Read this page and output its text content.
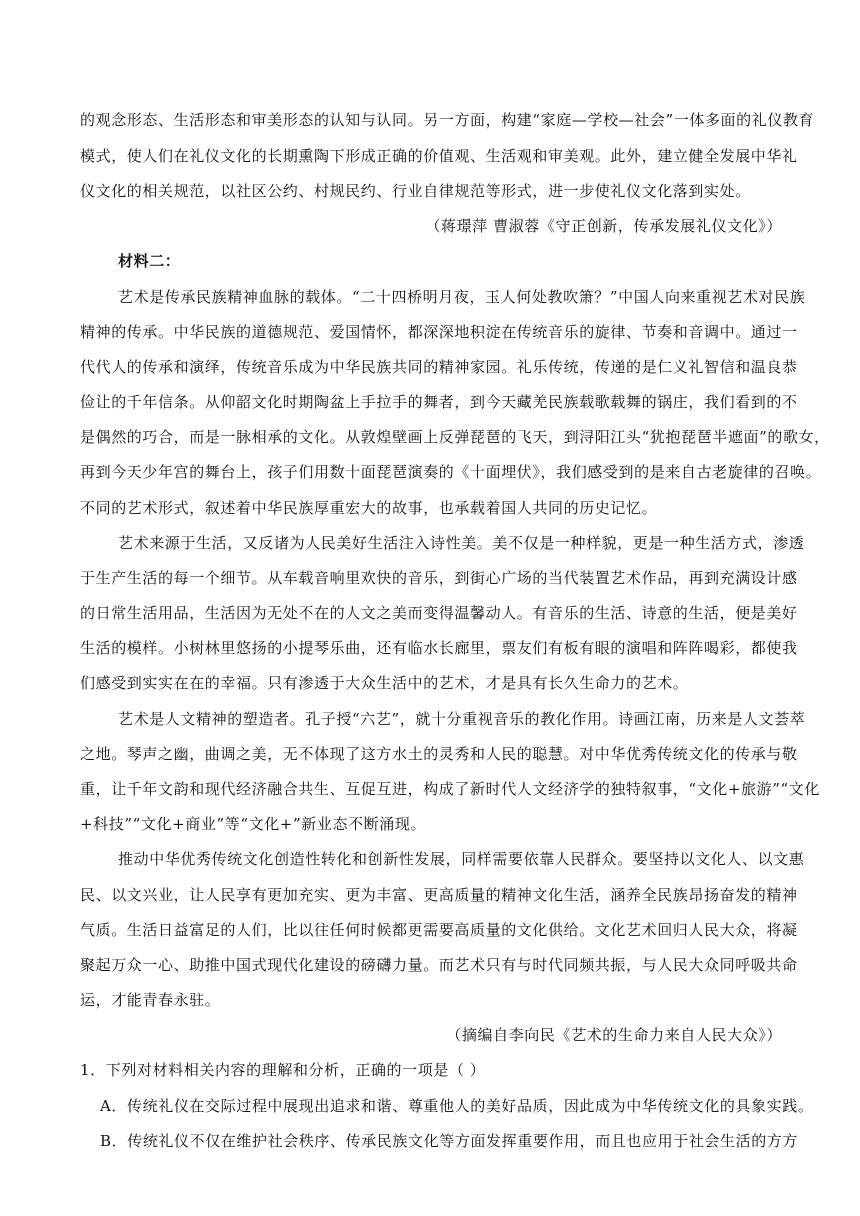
的观念形态、生活形态和审美形态的认知与认同。另一方面，构建“家庭—学校—社会”一体多面的礼仪教育
模式，使人们在礼仪文化的长期熏陶下形成正确的价值观、生活观和审美观。此外，建立健全发展中华礼
仪文化的相关规范，以社区公约、村规民约、行业自律规范等形式，进一步使礼仪文化落到实处。
（蒋璟萍 曹淑蓉《守正创新，传承发展礼仪文化》）
材料二：
艺术是传承民族精神血脉的载体。“二十四桥明月夜，玉人何处教吹箫？”中国人向来重视艺术对民族
精神的传承。中华民族的道德规范、爱国情怀，都深深地积淀在传统音乐的旋律、节奏和音调中。通过一
代代人的传承和演绎，传统音乐成为中华民族共同的精神家园。礼乐传统，传递的是仁义礼智信和温良恭
俭让的千年信条。从仰韶文化时期陶盆上手拉手的舞者，到今天藏羌民族载歌载舞的锅庄，我们看到的不
是偶然的巧合，而是一脉相承的文化。从敦煌壁画上反弹琵琶的飞天，到浔阳江头“犹抱琵琶半遮面”的歌女，
再到今天少年宫的舞台上，孩子们用数十面琵琶演奏的《十面埋伏》，我们感受到的是来自古老旋律的召唤。
不同的艺术形式，叙述着中华民族厚重宏大的故事，也承载着国人共同的历史记忆。
艺术来源于生活，又反诸为人民美好生活注入诗性美。美不仅是一种样貌，更是一种生活方式，渗透
于生产生活的每一个细节。从车载音响里欢快的音乐，到街心广场的当代装置艺术作品，再到充满设计感
的日常生活用品，生活因为无处不在的人文之美而变得温馨动人。有音乐的生活、诗意的生活，便是美好
生活的模样。小树林里悠扬的小提琴乐曲，还有临水长廊里，票友们有板有眼的演唱和阵阵喝彩，都使我
们感受到实实在在的幸福。只有渗透于大众生活中的艺术，才是具有长久生命力的艺术。
艺术是人文精神的塑造者。孔子授“六艺”，就十分重视音乐的教化作用。诗画江南，历来是人文荟萃
之地。琴声之幽，曲调之美，无不体现了这方水土的灵秀和人民的聪慧。对中华优秀传统文化的传承与敬
重，让千年文韵和现代经济融合共生、互促互进，构成了新时代人文经济学的独特叙事，“文化+旅游”“文化
+科技”“文化+商业”等“文化+”新业态不断涌现。
推动中华优秀传统文化创造性转化和创新性发展，同样需要依靠人民群众。要坚持以文化人、以文惠
民、以文兴业，让人民享有更加充实、更为丰富、更高质量的精神文化生活，涵养全民族昂扬奋发的精神
气质。生活日益富足的人们，比以往任何时候都更需要高质量的文化供给。文化艺术回归人民大众，将凝
聚起万众一心、助推中国式现代化建设的磅礴力量。而艺术只有与时代同频共振，与人民大众同呼吸共命
运，才能青春永驻。
（摘编自李向民《艺术的生命力来自人民大众》）
1．下列对材料相关内容的理解和分析，正确的一项是（ ）
A．传统礼仪在交际过程中展现出追求和谐、尊重他人的美好品质，因此成为中华传统文化的具象实践。
B．传统礼仪不仅在维护社会秩序、传承民族文化等方面发挥重要作用，而且也应用于社会生活的方方
